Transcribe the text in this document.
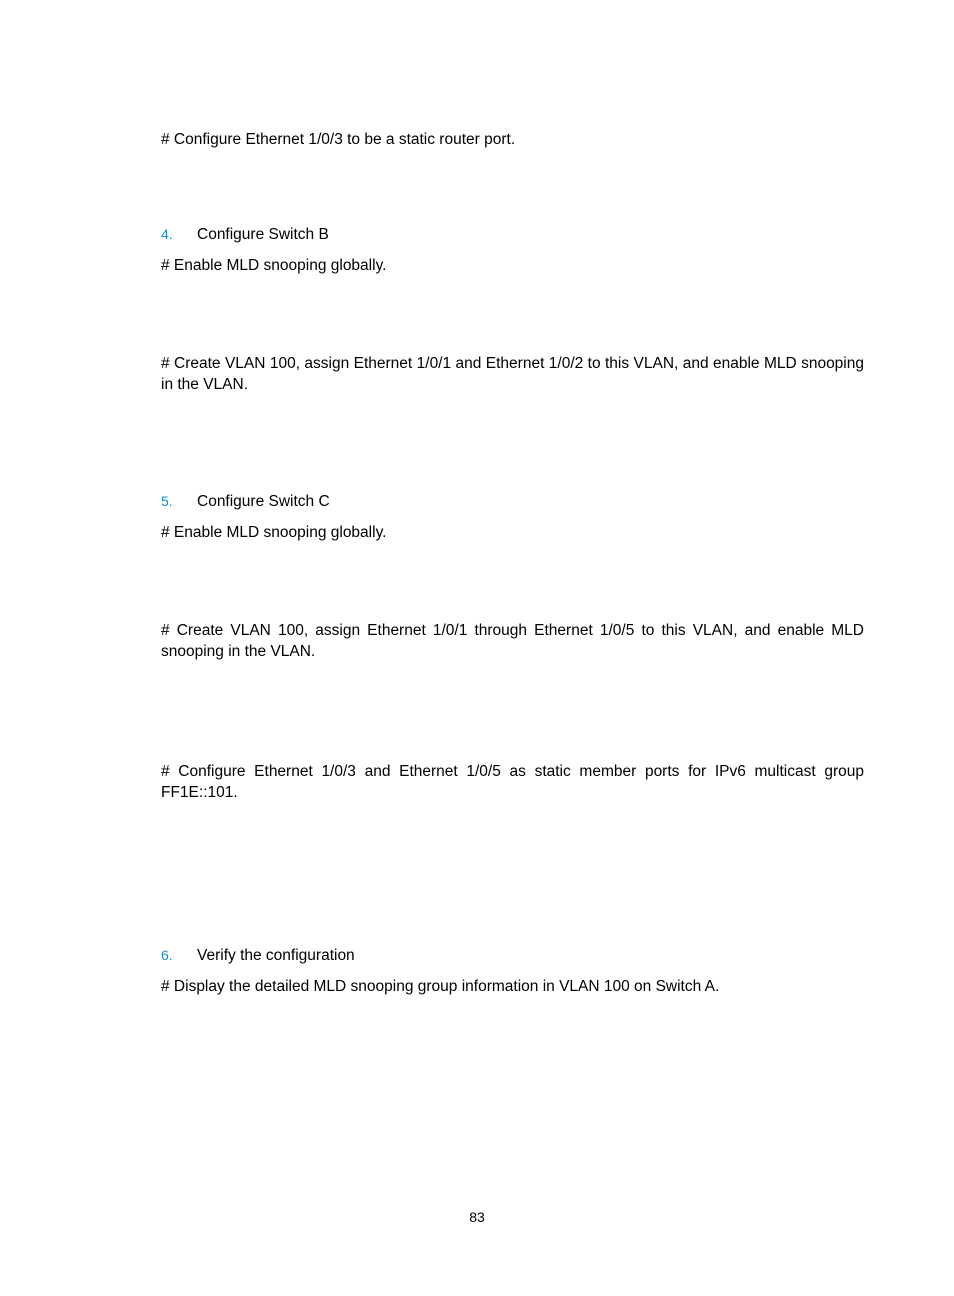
# Configure Ethernet 1/0/3 to be a static router port.

4. Configure Switch B

# Enable MLD snooping globally.

# Create VLAN 100, assign Ethernet 1/0/1 and Ethernet 1/0/2 to this VLAN, and enable MLD snooping in the VLAN.

5. Configure Switch C

# Enable MLD snooping globally.

# Create VLAN 100, assign Ethernet 1/0/1 through Ethernet 1/0/5 to this VLAN, and enable MLD snooping in the VLAN.

# Configure Ethernet 1/0/3 and Ethernet 1/0/5 as static member ports for IPv6 multicast group FF1E::101.

6. Verify the configuration

# Display the detailed MLD snooping group information in VLAN 100 on Switch A.

83
